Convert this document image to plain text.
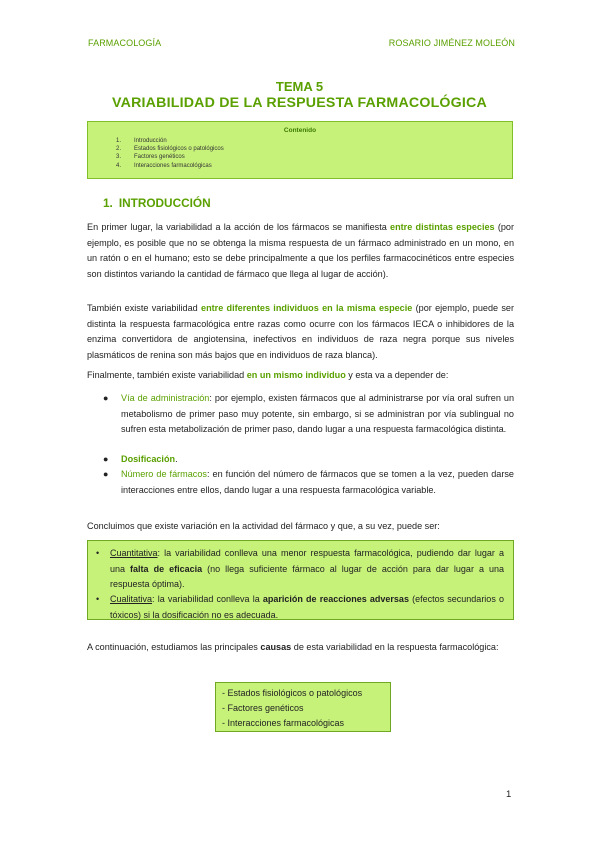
FARMACOLOGÍA	ROSARIO JIMÉNEZ MOLEÓN
TEMA 5
VARIABILIDAD DE LA RESPUESTA FARMACOLÓGICA
Contenido
1.	Introducción
2.	Estados fisiológicos o patológicos
3.	Factores genéticos
4.	Interacciones farmacológicas
1. INTRODUCCIÓN
En primer lugar, la variabilidad a la acción de los fármacos se manifiesta entre distintas especies (por ejemplo, es posible que no se obtenga la misma respuesta de un fármaco administrado en un mono, en un ratón o en el humano; esto se debe principalmente a que los perfiles farmacocinéticos entre especies son distintos variando la cantidad de fármaco que llega al lugar de acción).
También existe variabilidad entre diferentes individuos en la misma especie (por ejemplo, puede ser distinta la respuesta farmacológica entre razas como ocurre con los fármacos IECA o inhibidores de la enzima convertidora de angiotensina, inefectivos en individuos de raza negra porque sus niveles plasmáticos de renina son más bajos que en individuos de raza blanca).
Finalmente, también existe variabilidad en un mismo individuo y esta va a depender de:
● Vía de administración: por ejemplo, existen fármacos que al administrarse por vía oral sufren un metabolismo de primer paso muy potente, sin embargo, si se administran por vía sublingual no sufren esta metabolización de primer paso, dando lugar a una respuesta farmacológica distinta.
● Dosificación.
● Número de fármacos: en función del número de fármacos que se tomen a la vez, pueden darse interacciones entre ellos, dando lugar a una respuesta farmacológica variable.
Concluimos que existe variación en la actividad del fármaco y que, a su vez, puede ser:
• Cuantitativa: la variabilidad conlleva una menor respuesta farmacológica, pudiendo dar lugar a una falta de eficacia (no llega suficiente fármaco al lugar de acción para dar lugar a una respuesta óptima).
• Cualitativa: la variabilidad conlleva la aparición de reacciones adversas (efectos secundarios o tóxicos) si la dosificación no es adecuada.
A continuación, estudiamos las principales causas de esta variabilidad en la respuesta farmacológica:
- Estados fisiológicos o patológicos
- Factores genéticos
- Interacciones farmacológicas
1
